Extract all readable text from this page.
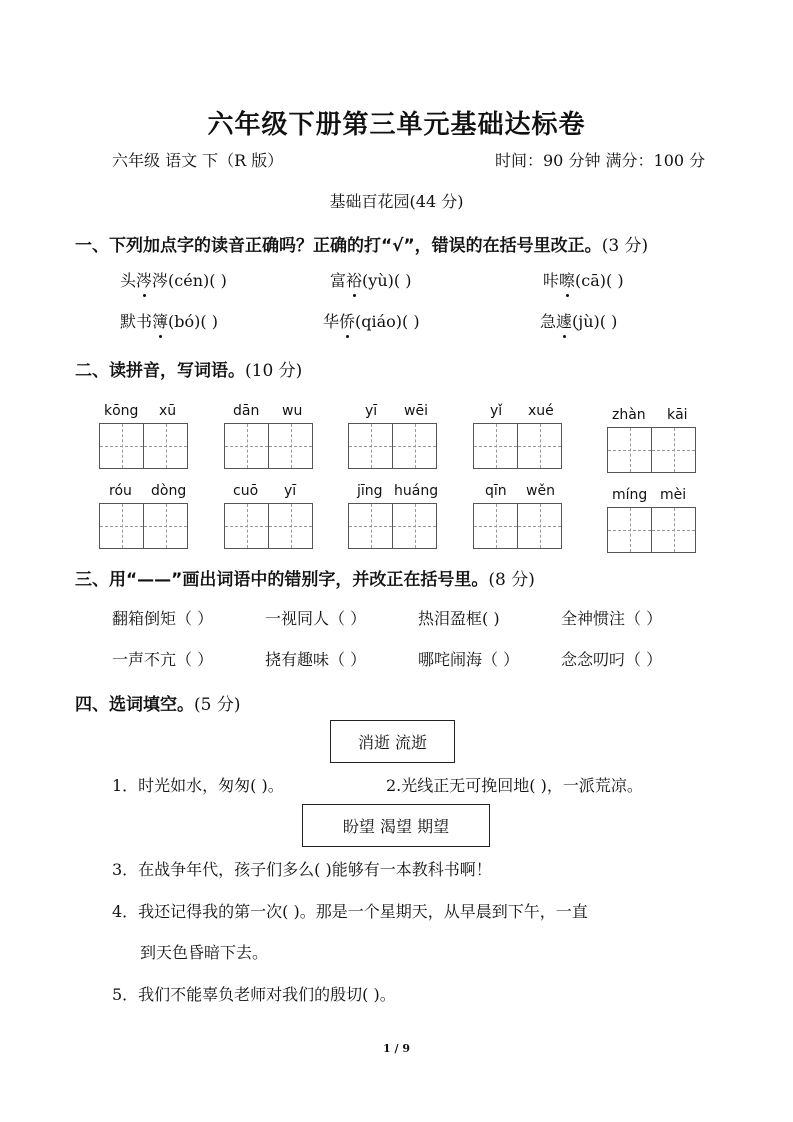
六年级下册第三单元基础达标卷
六年级 语文 下（R 版）	时间：90 分钟 满分：100 分
基础百花园(44 分)
一、下列加点字的读音正确吗？正确的打“√”，错误的在括号里改正。(3 分)
头涔涔(cén)( )	富裕(yù)( )	咔嚓(cā)( )
默书簿(bó)( )	华侨(qiáo)( )	急遽(jù)( )
二、读拼音，写词语。(10 分)
kōng xū	dān wu	yī wēi	yǐ xué	zhàn kāi
róu dòng	cuō yī	jīng huáng	qīn wěn	míng mèi
三、用“——”画出词语中的错别字，并改正在括号里。(8 分)
翻箱倒矩（ ）	一视同人（ ）	热泪盈框( )	全神惯注（ ）
一声不亢（ ）	挠有趣味（ ）	哪咤闹海（ ）	念念叨叼（ ）
四、选词填空。(5 分)
消逝 流逝
1．时光如水，匆匆( )。	2.光线正无可挽回地( )，一派荒凉。
盼望 渴望 期望
3．在战争年代，孩子们多么( )能够有一本教科书啊！
4．我还记得我的第一次( )。那是一个星期天，从早晨到下午，一直
到天色昏暗下去。
5．我们不能辜负老师对我们的殷切( )。
1 / 9
